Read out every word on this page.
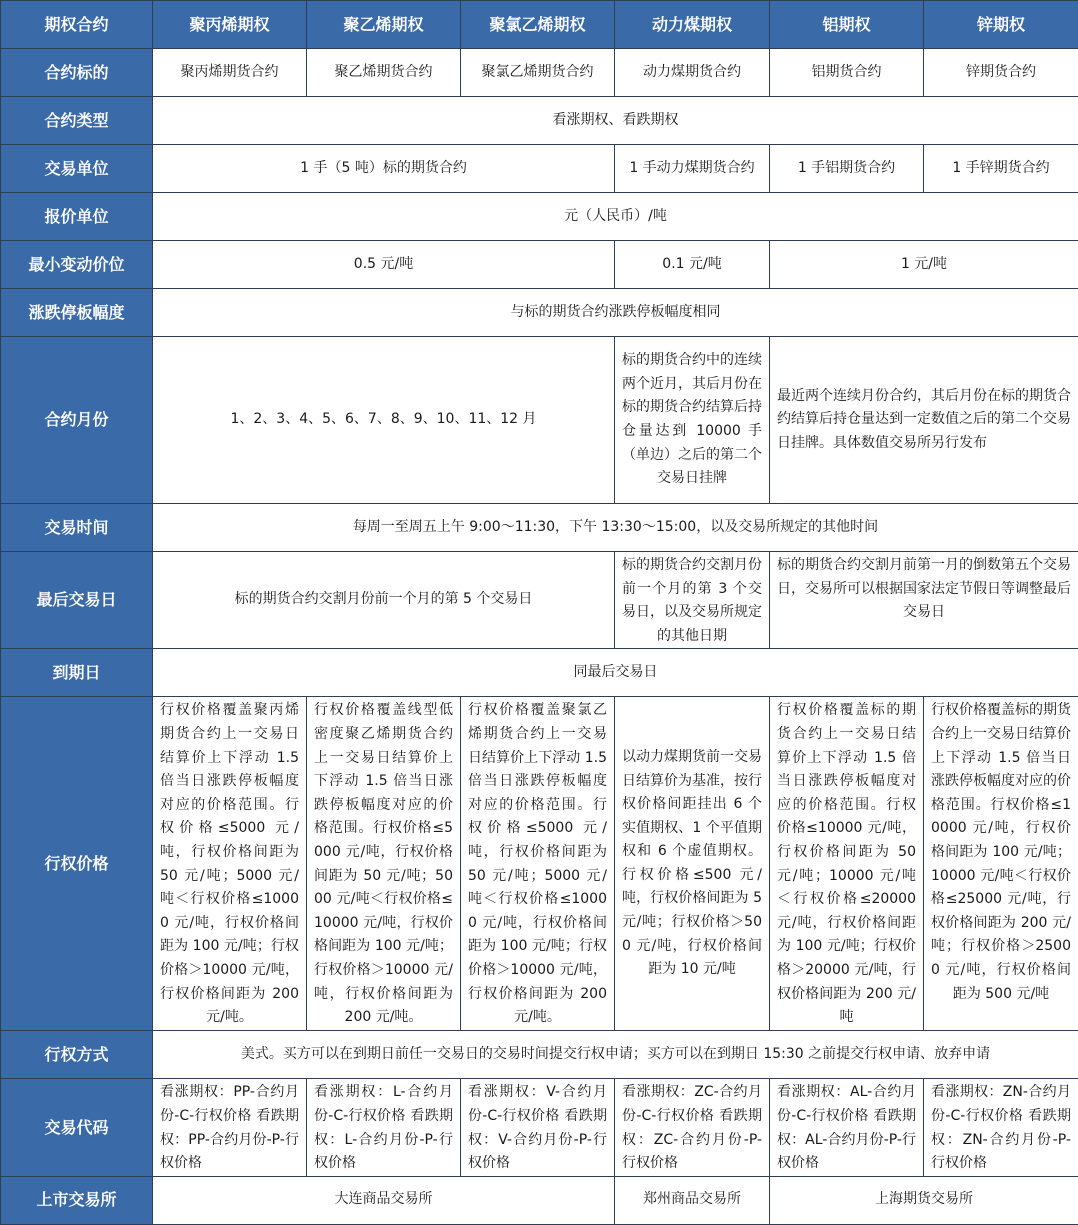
期权合约	聚丙烯期权	聚乙烯期权	聚氯乙烯期权	动力煤期权	铝期权	锌期权
合约标的	聚丙烯期货合约	聚乙烯期货合约	聚氯乙烯期货合约	动力煤期货合约	铝期货合约	锌期货合约
合约类型	看涨期权、看跌期权					
交易单位	1 手（5 吨）标的期货合约			1 手动力煤期货合约	1 手铝期货合约	1 手锌期货合约
报价单位	元（人民币）/吨					
最小变动价位	0.5 元/吨			0.1 元/吨	1 元/吨	
涨跌停板幅度	与标的期货合约涨跌停板幅度相同					
合约月份	1、2、3、4、5、6、7、8、9、10、11、12 月			标的期货合约中的连续两个近月，其后月份在标的期货合约结算后持仓量达到 10000 手（单边）之后的第二个交易日挂牌	最近两个连续月份合约，其后月份在标的期货合约结算后持仓量达到一定数值之后的第二个交易日挂牌。具体数值交易所另行发布	
交易时间	每周一至周五上午 9:00～11:30，下午 13:30～15:00，以及交易所规定的其他时间					
最后交易日	标的期货合约交割月份前一个月的第 5 个交易日			标的期货合约交割月份前一个月的第 3 个交易日，以及交易所规定的其他日期	标的期货合约交割月前第一月的倒数第五个交易日，交易所可以根据国家法定节假日等调整最后交易日	
到期日	同最后交易日					
行权价格	行权价格覆盖聚丙烯期货合约上一交易日结算价上下浮动 1.5 倍当日涨跌停板幅度对应的价格范围。行权价格≤5000 元/吨，行权价格间距为 50 元/吨；5000 元/吨＜行权价格≤10000 元/吨，行权价格间距为 100 元/吨；行权价格＞10000 元/吨，行权价格间距为 200 元/吨。	行权价格覆盖线型低密度聚乙烯期货合约上一交易日结算价上下浮动 1.5 倍当日涨跌停板幅度对应的价格范围。行权价格≤5000 元/吨，行权价格间距为 50 元/吨；5000 元/吨＜行权价格≤10000 元/吨，行权价格间距为 100 元/吨；行权价格＞10000 元/吨，行权价格间距为 200 元/吨。	行权价格覆盖聚氯乙烯期货合约上一交易日结算价上下浮动 1.5 倍当日涨跌停板幅度对应的价格范围。行权价格≤5000 元/吨，行权价格间距为 50 元/吨；5000 元/吨＜行权价格≤10000 元/吨，行权价格间距为 100 元/吨；行权价格＞10000 元/吨，行权价格间距为 200 元/吨。	以动力煤期货前一交易日结算价为基准，按行权价格间距挂出 6 个实值期权、1 个平值期权和 6 个虚值期权。行权价格≤500 元/吨，行权价格间距为 5 元/吨；行权价格＞500 元/吨，行权价格间距为 10 元/吨	行权价格覆盖标的期货合约上一交易日结算价上下浮动 1.5 倍当日涨跌停板幅度对应的价格范围。行权价格≤10000 元/吨，行权价格间距为 50 元/吨；10000 元/吨＜行权价格≤20000 元/吨，行权价格间距为 100 元/吨；行权价格＞20000 元/吨，行权价格间距为 200 元/吨	行权价格覆盖标的期货合约上一交易日结算价上下浮动 1.5 倍当日涨跌停板幅度对应的价格范围。行权价格≤10000 元/吨，行权价格间距为 100 元/吨；10000 元/吨＜行权价格≤25000 元/吨，行权价格间距为 200 元/吨；行权价格＞25000 元/吨，行权价格间距为 500 元/吨
行权方式	美式。买方可以在到期日前任一交易日的交易时间提交行权申请；买方可以在到期日 15:30 之前提交行权申请、放弃申请					
交易代码	看涨期权：PP-合约月份-C-行权价格 看跌期权：PP-合约月份-P-行权价格	看涨期权：L-合约月份-C-行权价格 看跌期权：L-合约月份-P-行权价格	看涨期权：V-合约月份-C-行权价格 看跌期权：V-合约月份-P-行权价格	看涨期权：ZC-合约月份-C-行权价格 看跌期权：ZC-合约月份-P-行权价格	看涨期权：AL-合约月份-C-行权价格 看跌期权：AL-合约月份-P-行权价格	看涨期权：ZN-合约月份-C-行权价格 看跌期权：ZN-合约月份-P-行权价格
上市交易所	大连商品交易所			郑州商品交易所	上海期货交易所	
